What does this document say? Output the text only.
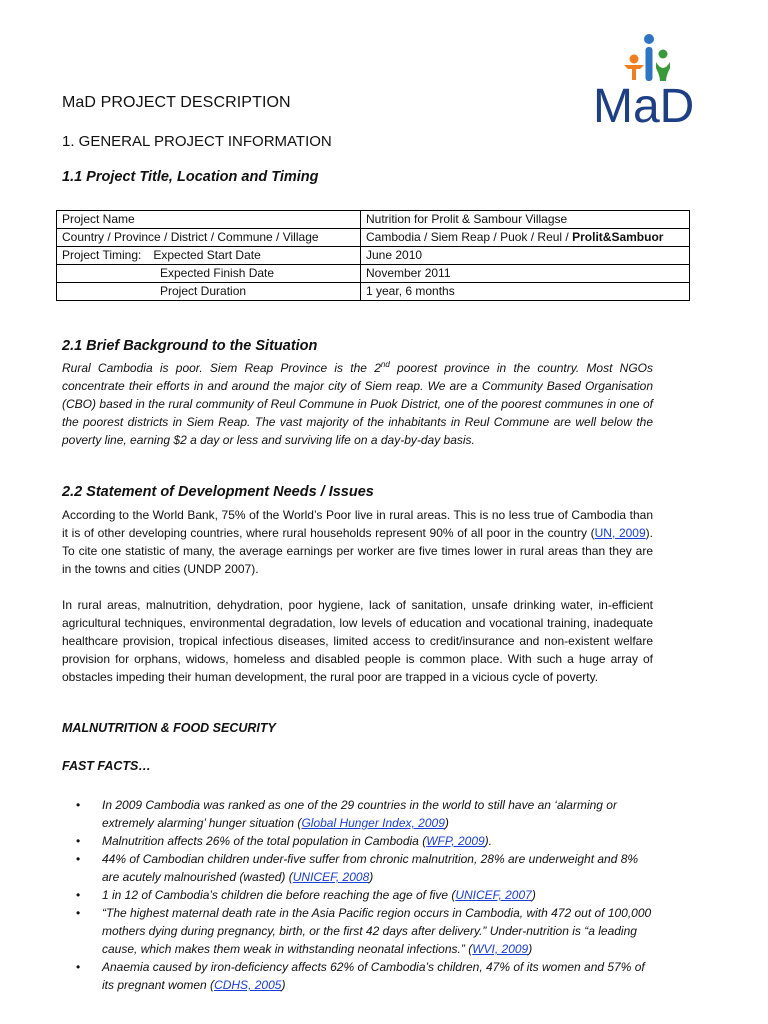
MaD
MaD PROJECT DESCRIPTION
1. GENERAL PROJECT INFORMATION
1.1 Project Title, Location and Timing
Project Name	Nutrition for Prolit & Sambour Villagse
Country / Province / District / Commune / Village	Cambodia / Siem Reap / Puok / Reul / Prolit&Sambuor
Project Timing: Expected Start Date	June 2010
Expected Finish Date	November 2011
Project Duration	1 year, 6 months
2.1 Brief Background to the Situation
Rural Cambodia is poor. Siem Reap Province is the 2nd poorest province in the country. Most NGOs concentrate their efforts in and around the major city of Siem reap. We are a Community Based Organisation (CBO) based in the rural community of Reul Commune in Puok District, one of the poorest communes in one of the poorest districts in Siem Reap. The vast majority of the inhabitants in Reul Commune are well below the poverty line, earning $2 a day or less and surviving life on a day-by-day basis.
2.2 Statement of Development Needs / Issues
According to the World Bank, 75% of the World’s Poor live in rural areas. This is no less true of Cambodia than it is of other developing countries, where rural households represent 90% of all poor in the country (UN, 2009). To cite one statistic of many, the average earnings per worker are five times lower in rural areas than they are in the towns and cities (UNDP 2007).
In rural areas, malnutrition, dehydration, poor hygiene, lack of sanitation, unsafe drinking water, in-efficient agricultural techniques, environmental degradation, low levels of education and vocational training, inadequate healthcare provision, tropical infectious diseases, limited access to credit/insurance and non-existent welfare provision for orphans, widows, homeless and disabled people is common place. With such a huge array of obstacles impeding their human development, the rural poor are trapped in a vicious cycle of poverty.
MALNUTRITION & FOOD SECURITY
FAST FACTS…
• In 2009 Cambodia was ranked as one of the 29 countries in the world to still have an ‘alarming or extremely alarming’ hunger situation (Global Hunger Index, 2009)
• Malnutrition affects 26% of the total population in Cambodia (WFP, 2009).
• 44% of Cambodian children under-five suffer from chronic malnutrition, 28% are underweight and 8% are acutely malnourished (wasted) (UNICEF, 2008)
• 1 in 12 of Cambodia’s children die before reaching the age of five (UNICEF, 2007)
• “The highest maternal death rate in the Asia Pacific region occurs in Cambodia, with 472 out of 100,000 mothers dying during pregnancy, birth, or the first 42 days after delivery.” Under-nutrition is “a leading cause, which makes them weak in withstanding neonatal infections.” (WVI, 2009)
• Anaemia caused by iron-deficiency affects 62% of Cambodia’s children, 47% of its women and 57% of its pregnant women (CDHS, 2005)
